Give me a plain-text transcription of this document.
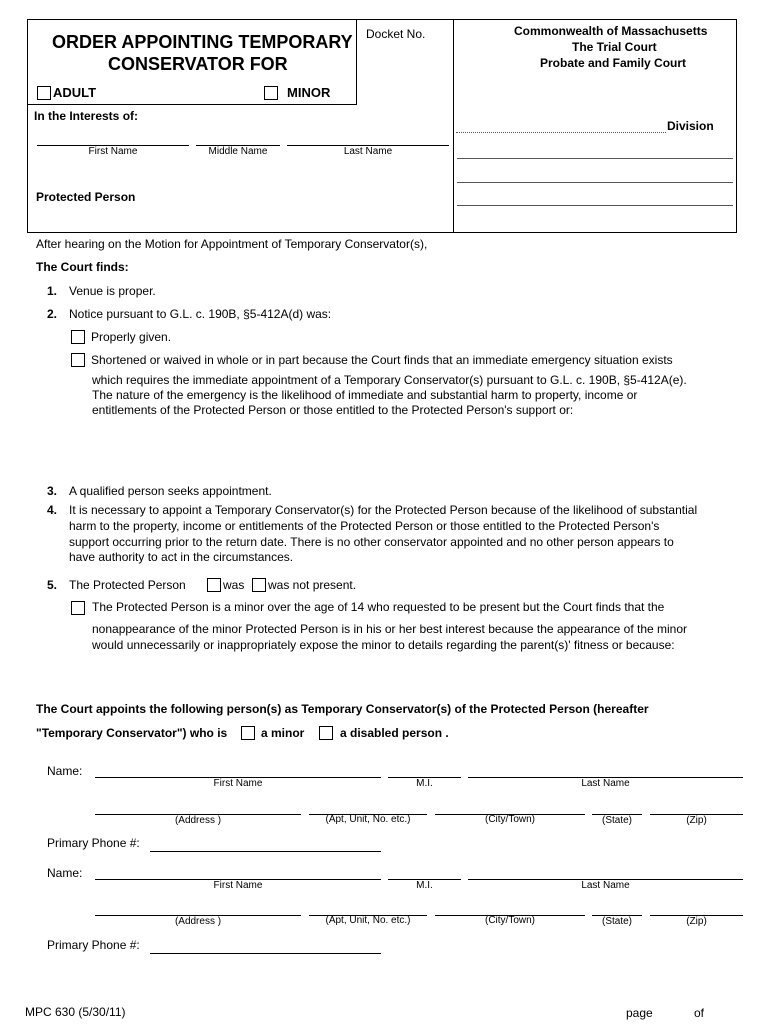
ORDER APPOINTING TEMPORARY
CONSERVATOR FOR
Docket No.	Commonwealth of Massachusetts
The Trial Court
Probate and Family Court
ADULT	MINOR
In the Interests of:
First Name	Middle Name	Last Name
Protected Person
Division
After hearing on the Motion for Appointment of Temporary Conservator(s),
The Court finds:
1. Venue is proper.
2. Notice pursuant to G.L. c. 190B, §5-412A(d) was:
Properly given.
Shortened or waived in whole or in part because the Court finds that an immediate emergency situation exists
which requires the immediate appointment of a Temporary Conservator(s) pursuant to G.L. c. 190B, §5-412A(e).
The nature of the emergency is the likelihood of immediate and substantial harm to property, income or
entitlements of the Protected Person or those entitled to the Protected Person's support or:
3. A qualified person seeks appointment.
4. It is necessary to appoint a Temporary Conservator(s) for the Protected Person because of the likelihood of substantial
harm to the property, income or entitlements of the Protected Person or those entitled to the Protected Person's
support occurring prior to the return date. There is no other conservator appointed and no other person appears to
have authority to act in the circumstances.
5. The Protected Person	was was not present.
The Protected Person is a minor over the age of 14 who requested to be present but the Court finds that the
nonappearance of the minor Protected Person is in his or her best interest because the appearance of the minor
would unnecessarily or inappropriately expose the minor to details regarding the parent(s)' fitness or because:
The Court appoints the following person(s) as Temporary Conservator(s) of the Protected Person (hereafter
"Temporary Conservator") who is	a minor	a disabled person .
Name:
First Name	M.I.	Last Name
(Address )	(Apt, Unit, No. etc.)	(City/Town)	(State)	(Zip)
Primary Phone #:
Name:
First Name	M.I.	Last Name
(Address )	(Apt, Unit, No. etc.)	(City/Town)	(State)	(Zip)
Primary Phone #:
MPC 630 (5/30/11)	page	of
